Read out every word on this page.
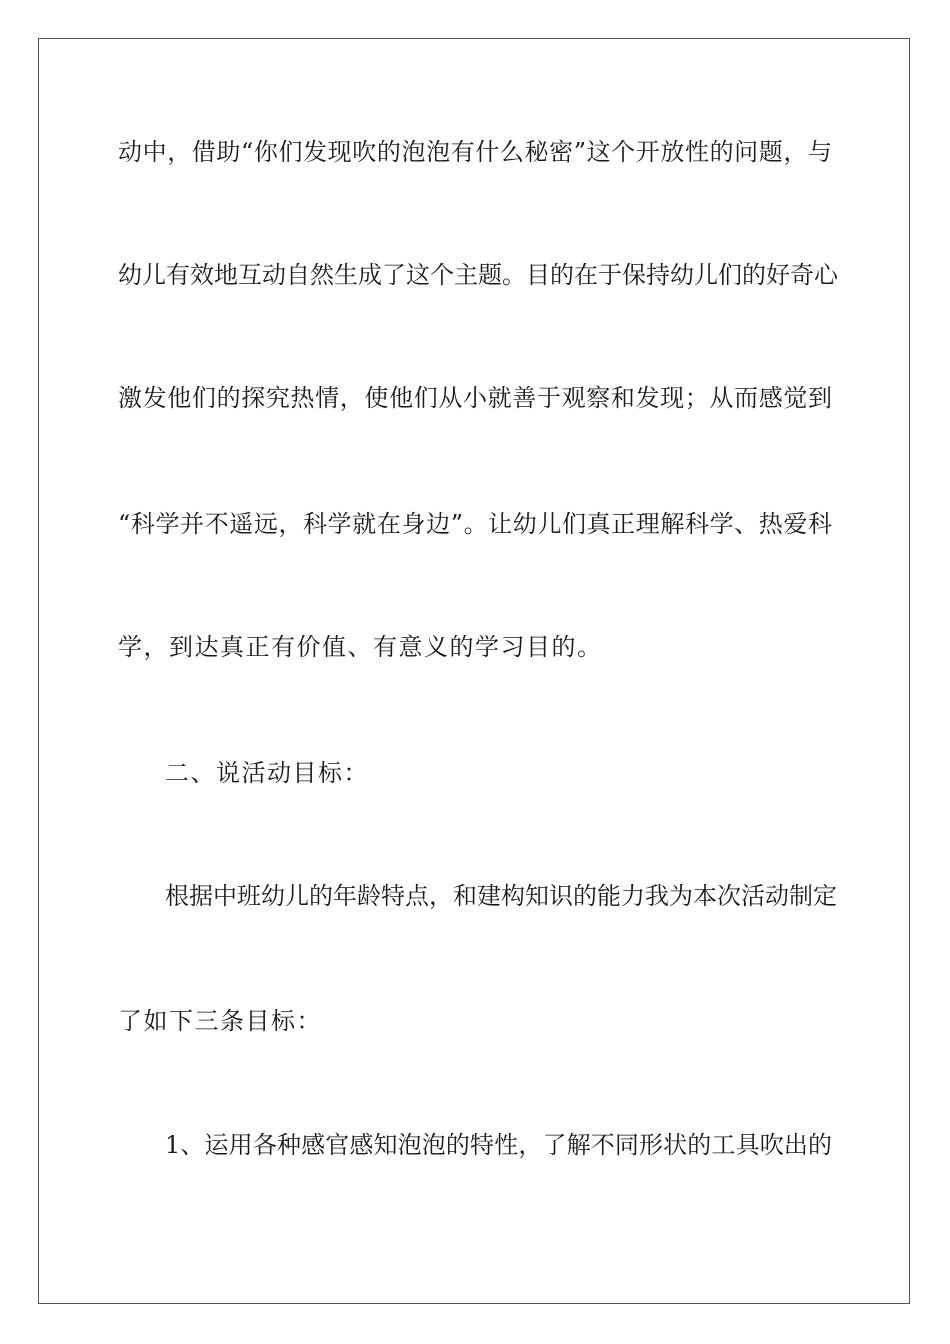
动中，借助“你们发现吹的泡泡有什么秘密”这个开放性的问题，与
幼儿有效地互动自然生成了这个主题。目的在于保持幼儿们的好奇心
激发他们的探究热情，使他们从小就善于观察和发现；从而感觉到
“科学并不遥远，科学就在身边”。让幼儿们真正理解科学、热爱科
学，到达真正有价值、有意义的学习目的。
二、说活动目标：
根据中班幼儿的年龄特点，和建构知识的能力我为本次活动制定
了如下三条目标：
1、运用各种感官感知泡泡的特性，了解不同形状的工具吹出的
